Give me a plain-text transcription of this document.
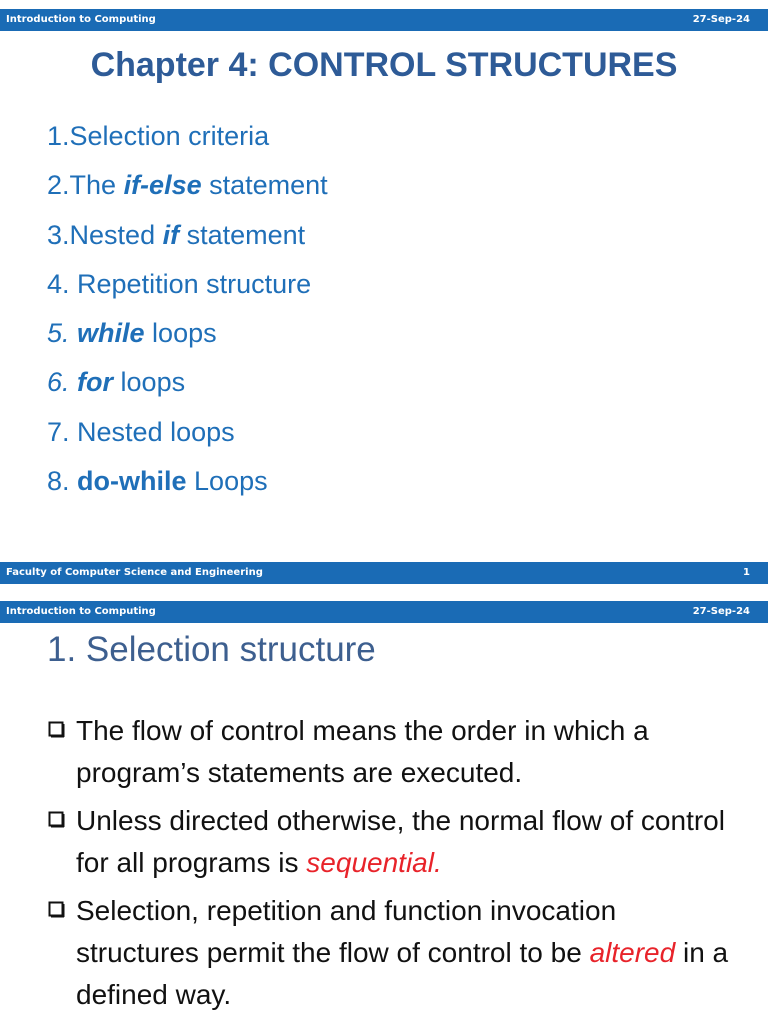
Introduction to Computing	27-Sep-24
Chapter 4: CONTROL STRUCTURES
1.Selection criteria
2.The if-else statement
3.Nested if statement
4. Repetition structure
5. while loops
6. for loops
7. Nested loops
8. do-while Loops
Faculty of Computer Science and Engineering	1
Introduction to Computing	27-Sep-24
1. Selection structure
The flow of control means the order in which a program’s statements are executed.
Unless directed otherwise, the normal flow of control for all programs is sequential.
Selection, repetition and function invocation structures permit the flow of control to be altered in a defined way.
